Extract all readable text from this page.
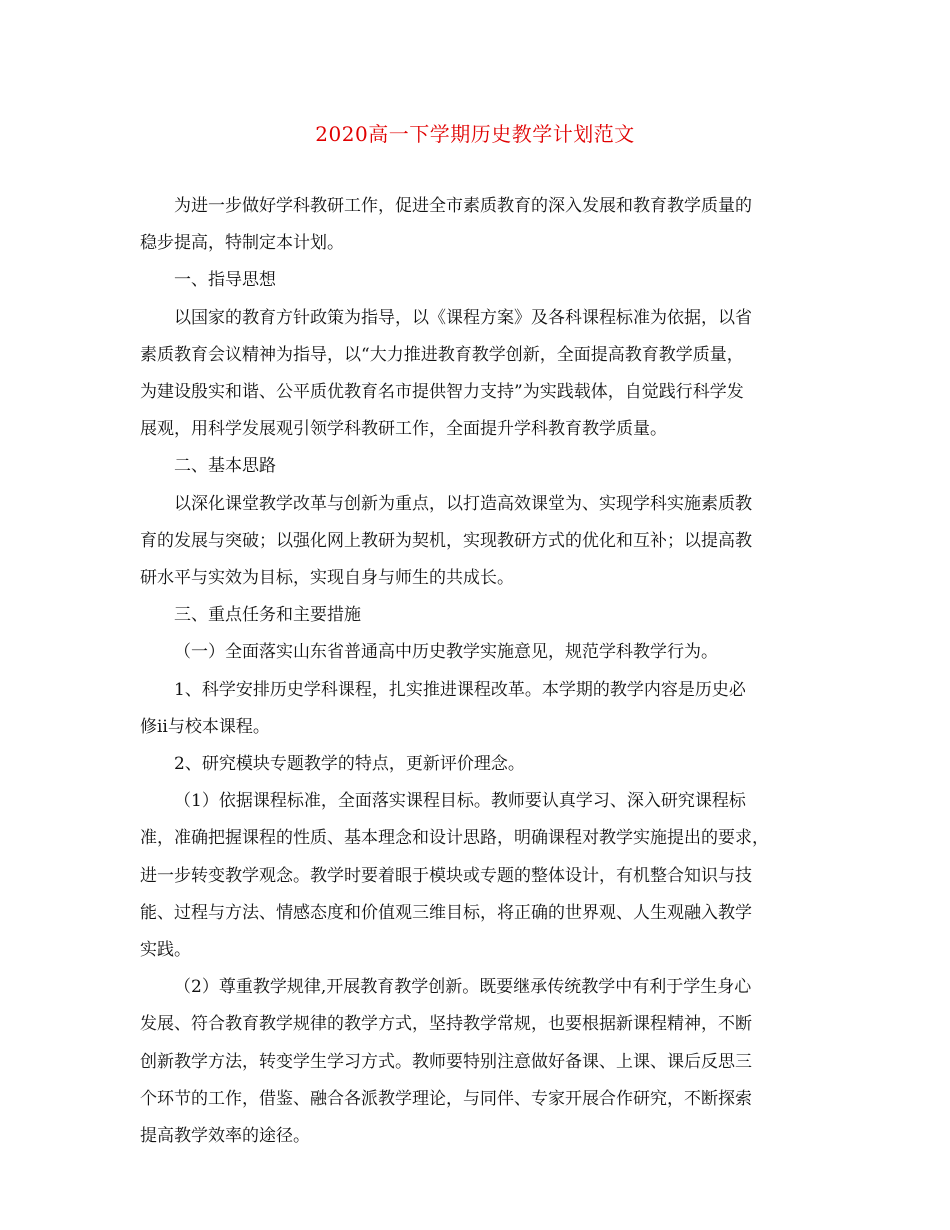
2020高一下学期历史教学计划范文

为进一步做好学科教研工作，促进全市素质教育的深入发展和教育教学质量的
稳步提高，特制定本计划。

一、指导思想

以国家的教育方针政策为指导，以《课程方案》及各科课程标准为依据，以省
素质教育会议精神为指导，以“大力推进教育教学创新，全面提高教育教学质量，
为建设殷实和谐、公平质优教育名市提供智力支持”为实践载体，自觉践行科学发
展观，用科学发展观引领学科教研工作，全面提升学科教育教学质量。

二、基本思路

以深化课堂教学改革与创新为重点，以打造高效课堂为、实现学科实施素质教
育的发展与突破；以强化网上教研为契机，实现教研方式的优化和互补；以提高教
研水平与实效为目标，实现自身与师生的共成长。

三、重点任务和主要措施

（一）全面落实山东省普通高中历史教学实施意见，规范学科教学行为。

1、科学安排历史学科课程，扎实推进课程改革。本学期的教学内容是历史必
修ii与校本课程。

2、研究模块专题教学的特点，更新评价理念。

（1）依据课程标准，全面落实课程目标。教师要认真学习、深入研究课程标
准，准确把握课程的性质、基本理念和设计思路，明确课程对教学实施提出的要求，
进一步转变教学观念。教学时要着眼于模块或专题的整体设计，有机整合知识与技
能、过程与方法、情感态度和价值观三维目标，将正确的世界观、人生观融入教学
实践。

（2）尊重教学规律,开展教育教学创新。既要继承传统教学中有利于学生身心
发展、符合教育教学规律的教学方式，坚持教学常规，也要根据新课程精神，不断
创新教学方法，转变学生学习方式。教师要特别注意做好备课、上课、课后反思三
个环节的工作，借鉴、融合各派教学理论，与同伴、专家开展合作研究，不断探索
提高教学效率的途径。
